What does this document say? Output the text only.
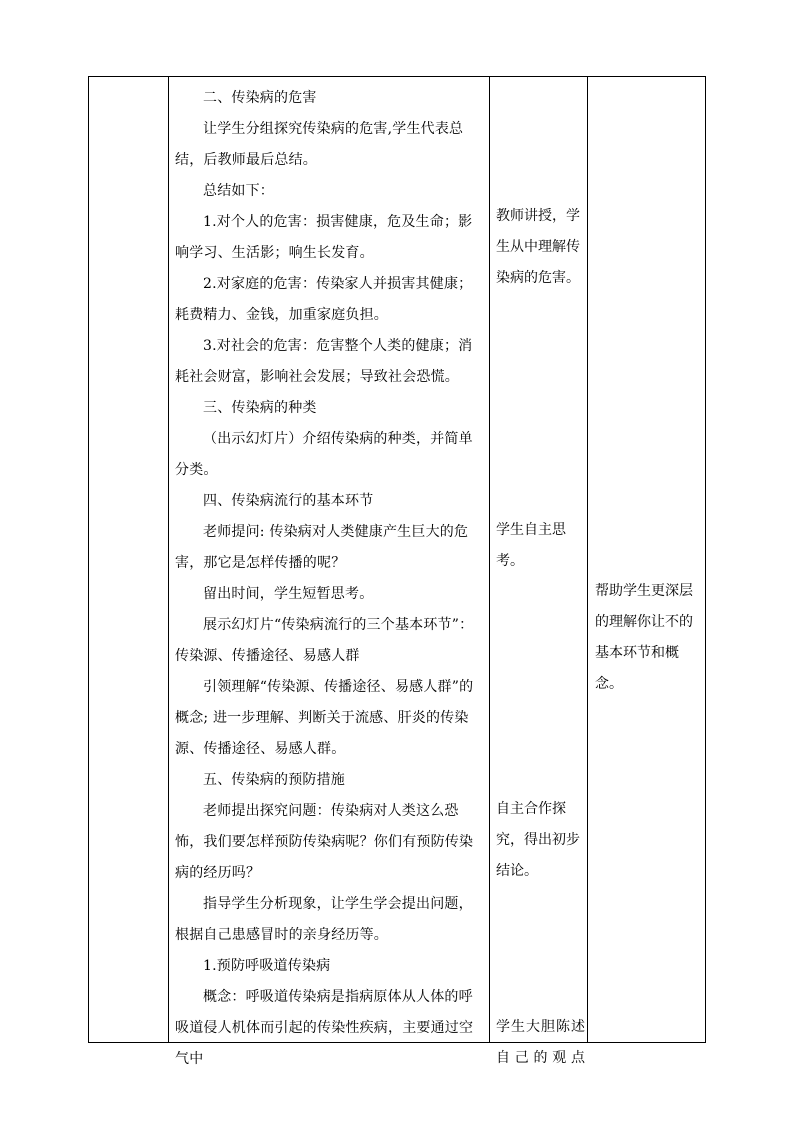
二、传染病的危害
让学生分组探究传染病的危害,学生代表总结，后教师最后总结。
总结如下：
1.对个人的危害：损害健康，危及生命；影响学习、生活影；响生长发育。
2.对家庭的危害：传染家人并损害其健康；耗费精力、金钱，加重家庭负担。
3.对社会的危害：危害整个人类的健康；消耗社会财富，影响社会发展；导致社会恐慌。
三、传染病的种类
（出示幻灯片）介绍传染病的种类，并简单分类。
四、传染病流行的基本环节
老师提问: 传染病对人类健康产生巨大的危害，那它是怎样传播的呢？
留出时间，学生短暂思考。
展示幻灯片“传染病流行的三个基本环节”：传染源、传播途径、易感人群
引领理解“传染源、传播途径、易感人群”的概念; 进一步理解、判断关于流感、肝炎的传染源、传播途径、易感人群。
五、传染病的预防措施
老师提出探究问题：传染病对人类这么恐怖，我们要怎样预防传染病呢？你们有预防传染病的经历吗？
指导学生分析现象，让学生学会提出问题，根据自己患感冒时的亲身经历等。
1.预防呼吸道传染病
概念：呼吸道传染病是指病原体从人体的呼吸道侵人机体而引起的传染性疾病，主要通过空气中
教师讲授，学生从中理解传染病的危害。
学生自主思考。
自主合作探究，得出初步结论。
学生大胆陈述自己的观点
帮助学生更深层的理解你让不的基本环节和概念。
